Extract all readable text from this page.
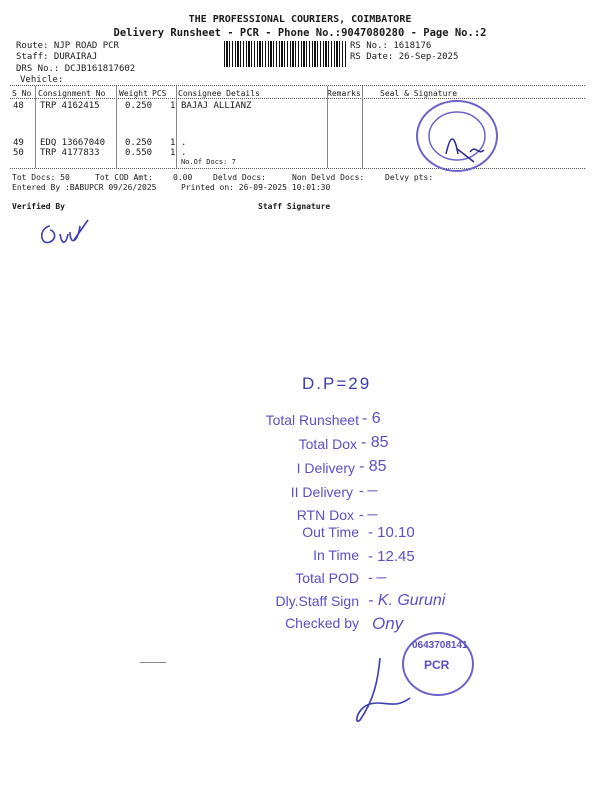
THE PROFESSIONAL COURIERS, COIMBATORE
Delivery Runsheet - PCR - Phone No.:9047080280 - Page No.:2
Route: NJP ROAD PCR
Staff: DURAIRAJ
DRS No.: DCJB161817602
Vehicle:
RS No.: 1618176
RS Date: 26-Sep-2025
S No Consignment No Weight PCS Consignee Details	Remarks Seal & Signature
48 TRP 4162415	0.250 1 BAJAJ ALLIANZ
49 EDQ 13667040 0.250 1 .
50 TRP 4177833	0.550 1 .
No.Of Docs: 7
Tot Docs: 50	Tot COD Amt:	0.00	Delvd Docs:	Non Delvd Docs:	Delvy pts:
Entered By :BABUPCR 09/26/2025	Printed on: 26-09-2025 10:01:30
Verified By	Staff Signature
D.P=29
Total Runsheet - 6
Total Dox - 85
I Delivery - 85
II Delivery - ─
RTN Dox - ─
Out Time - 10.10
In Time - 12.45
Total POD - ─
Dly.Staff Sign - K. Guruni
Checked by Ony
0643708141
PCR
